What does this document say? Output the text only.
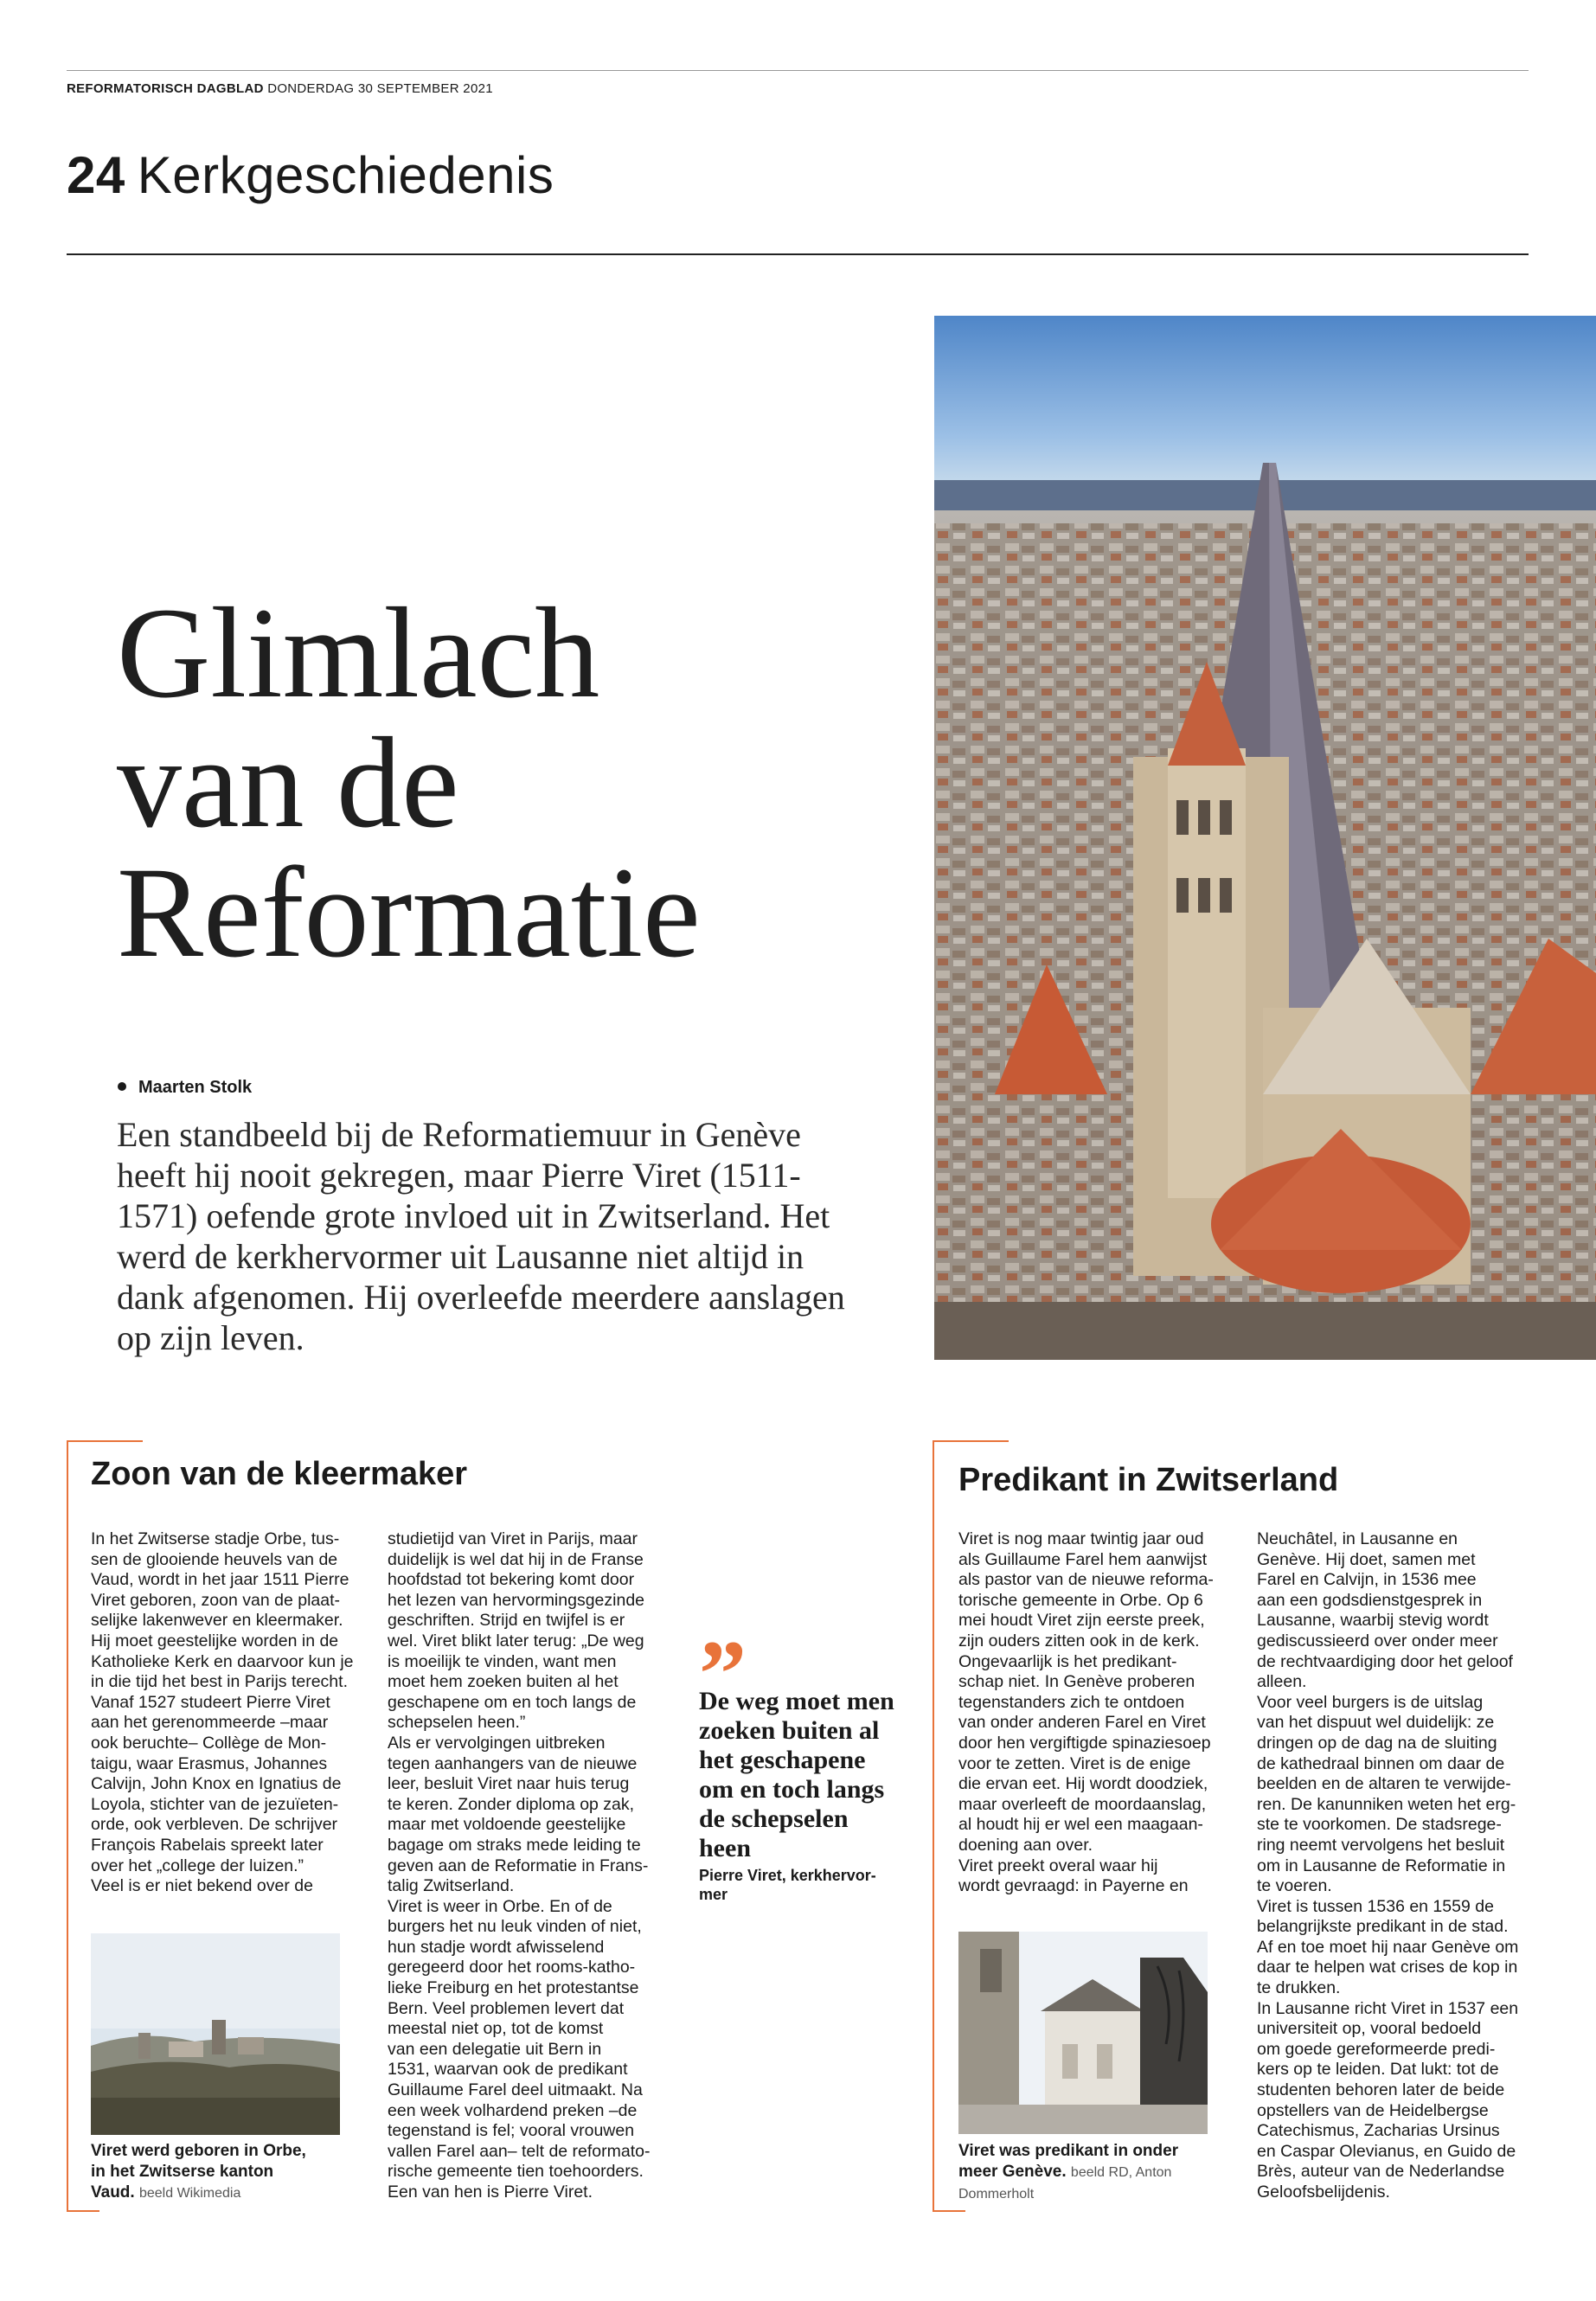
REFORMATORISCH DAGBLAD DONDERDAG 30 SEPTEMBER 2021
24 Kerkgeschiedenis
Glimlach
van de
Reformatie
Maarten Stolk
Een standbeeld bij de Reformatiemuur in Genève heeft hij nooit gekregen, maar Pierre Viret (1511-1571) oefende grote invloed uit in Zwitserland. Het werd de kerkhervormer uit Lausanne niet altijd in dank afgenomen. Hij overleefde meerdere aanslagen op zijn leven.
Zoon van de kleermaker
In het Zwitserse stadje Orbe, tus-
sen de glooiende heuvels van de
Vaud, wordt in het jaar 1511 Pierre
Viret geboren, zoon van de plaat-
selijke lakenwever en kleermaker.
Hij moet geestelijke worden in de
Katholieke Kerk en daarvoor kun je
in die tijd het best in Parijs terecht.
Vanaf 1527 studeert Pierre Viret
aan het gerenommeerde –maar
ook beruchte– Collège de Mon-
taigu, waar Erasmus, Johannes
Calvijn, John Knox en Ignatius de
Loyola, stichter van de jezuïeten-
orde, ook verbleven. De schrijver
François Rabelais spreekt later
over het „college der luizen.”
Veel is er niet bekend over de
studietijd van Viret in Parijs, maar
duidelijk is wel dat hij in de Franse
hoofdstad tot bekering komt door
het lezen van hervormingsgezinde
geschriften. Strijd en twijfel is er
wel. Viret blikt later terug: „De weg
is moeilijk te vinden, want men
moet hem zoeken buiten al het
geschapene om en toch langs de
schepselen heen.”
Als er vervolgingen uitbreken
tegen aanhangers van de nieuwe
leer, besluit Viret naar huis terug
te keren. Zonder diploma op zak,
maar met voldoende geestelijke
bagage om straks mede leiding te
geven aan de Reformatie in Frans-
talig Zwitserland.
Viret is weer in Orbe. En of de
burgers het nu leuk vinden of niet,
hun stadje wordt afwisselend
geregeerd door het rooms-katho-
lieke Freiburg en het protestantse
Bern. Veel problemen levert dat
meestal niet op, tot de komst
van een delegatie uit Bern in
1531, waarvan ook de predikant
Guillaume Farel deel uitmaakt. Na
een week volhardend preken –de
tegenstand is fel; vooral vrouwen
vallen Farel aan– telt de reformato-
rische gemeente tien toehoorders.
Een van hen is Pierre Viret.
Viret werd geboren in Orbe,
in het Zwitserse kanton
Vaud. beeld Wikimedia
”
De weg moet men zoeken buiten al het geschapene om en toch langs de schepselen heen
Pierre Viret, kerkhervor-
mer
Predikant in Zwitserland
Viret is nog maar twintig jaar oud
als Guillaume Farel hem aanwijst
als pastor van de nieuwe reforma-
torische gemeente in Orbe. Op 6
mei houdt Viret zijn eerste preek,
zijn ouders zitten ook in de kerk.
Ongevaarlijk is het predikant-
schap niet. In Genève proberen
tegenstanders zich te ontdoen
van onder anderen Farel en Viret
door hen vergiftigde spinaziesoep
voor te zetten. Viret is de enige
die ervan eet. Hij wordt doodziek,
maar overleeft de moordaanslag,
al houdt hij er wel een maagaan-
doening aan over.
Viret preekt overal waar hij
wordt gevraagd: in Payerne en
Neuchâtel, in Lausanne en
Genève. Hij doet, samen met
Farel en Calvijn, in 1536 mee
aan een godsdienstgesprek in
Lausanne, waarbij stevig wordt
gediscussieerd over onder meer
de rechtvaardiging door het geloof
alleen.
Voor veel burgers is de uitslag
van het dispuut wel duidelijk: ze
dringen op de dag na de sluiting
de kathedraal binnen om daar de
beelden en de altaren te verwijde-
ren. De kanunniken weten het erg-
ste te voorkomen. De stadsrege-
ring neemt vervolgens het besluit
om in Lausanne de Reformatie in
te voeren.
Viret is tussen 1536 en 1559 de
belangrijkste predikant in de stad.
Af en toe moet hij naar Genève om
daar te helpen wat crises de kop in
te drukken.
In Lausanne richt Viret in 1537 een
universiteit op, vooral bedoeld
om goede gereformeerde predi-
kers op te leiden. Dat lukt: tot de
studenten behoren later de beide
opstellers van de Heidelbergse
Catechismus, Zacharias Ursinus
en Caspar Olevianus, en Guido de
Brès, auteur van de Nederlandse
Geloofsbelijdenis.
Viret was predikant in onder
meer Genève. beeld RD, Anton
Dommerholt
